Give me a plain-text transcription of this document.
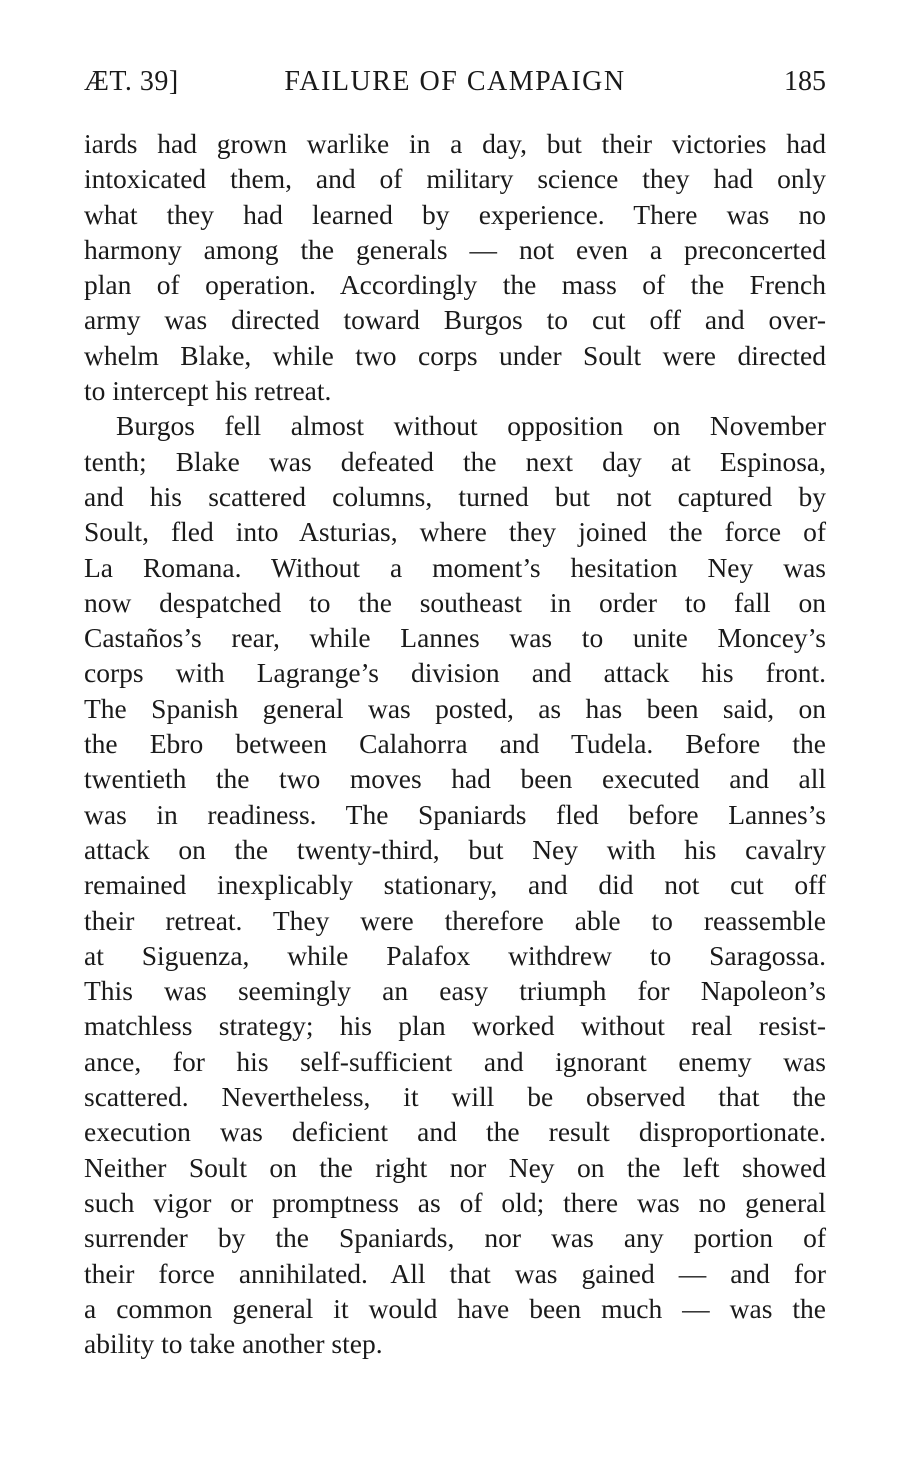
ÆT. 39]	FAILURE OF CAMPAIGN	185
iards had grown warlike in a day, but their victories had
intoxicated them, and of military science they had only
what they had learned by experience. There was no
harmony among the generals — not even a preconcerted
plan of operation. Accordingly the mass of the French
army was directed toward Burgos to cut off and over-
whelm Blake, while two corps under Soult were directed
to intercept his retreat.
Burgos fell almost without opposition on November
tenth; Blake was defeated the next day at Espinosa,
and his scattered columns, turned but not captured by
Soult, fled into Asturias, where they joined the force of
La Romana. Without a moment’s hesitation Ney was
now despatched to the southeast in order to fall on
Castaños’s rear, while Lannes was to unite Moncey’s
corps with Lagrange’s division and attack his front.
The Spanish general was posted, as has been said, on
the Ebro between Calahorra and Tudela. Before the
twentieth the two moves had been executed and all
was in readiness. The Spaniards fled before Lannes’s
attack on the twenty-third, but Ney with his cavalry
remained inexplicably stationary, and did not cut off
their retreat. They were therefore able to reassemble
at Siguenza, while Palafox withdrew to Saragossa.
This was seemingly an easy triumph for Napoleon’s
matchless strategy; his plan worked without real resist-
ance, for his self-sufficient and ignorant enemy was
scattered. Nevertheless, it will be observed that the
execution was deficient and the result disproportionate.
Neither Soult on the right nor Ney on the left showed
such vigor or promptness as of old; there was no general
surrender by the Spaniards, nor was any portion of
their force annihilated. All that was gained — and for
a common general it would have been much — was the
ability to take another step.
